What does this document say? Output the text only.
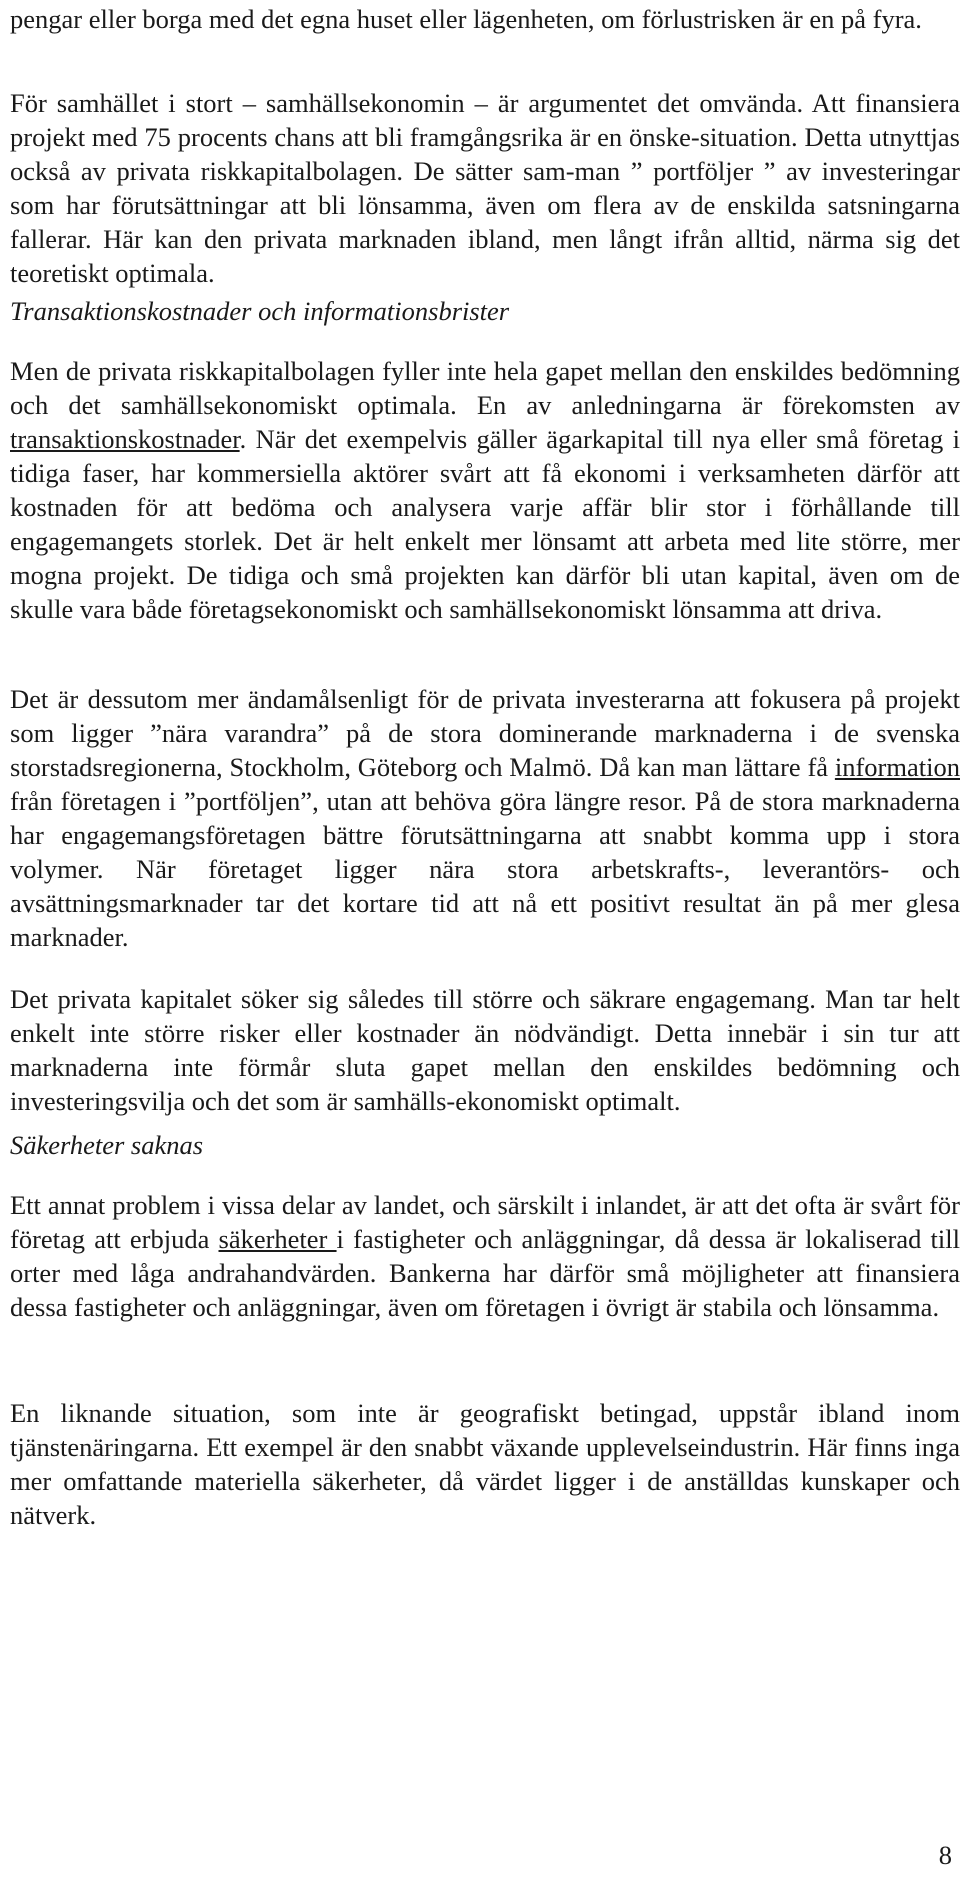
pengar eller borga med det egna huset eller lägenheten, om förlustrisken är en på fyra.

För samhället i stort – samhällsekonomin – är argumentet det omvända. Att finansiera projekt med 75 procents chans att bli framgångsrika är en önske-situation. Detta utnyttjas också av privata riskkapitalbolagen. De sätter sam-man ” portföljer ” av investeringar som har förutsättningar att bli lönsamma, även om flera av de enskilda satsningarna fallerar. Här kan den privata marknaden ibland, men långt ifrån alltid, närma sig det teoretiskt optimala.

Transaktionskostnader och informationsbrister

Men de privata riskkapitalbolagen fyller inte hela gapet mellan den enskildes bedömning och det samhällsekonomiskt optimala. En av anledningarna är förekomsten av transaktionskostnader. När det exempelvis gäller ägarkapital till nya eller små företag i tidiga faser, har kommersiella aktörer svårt att få ekonomi i verksamheten därför att kostnaden för att bedöma och analysera varje affär blir stor i förhållande till engagemangets storlek. Det är helt enkelt mer lönsamt att arbeta med lite större, mer mogna projekt. De tidiga och små projekten kan därför bli utan kapital, även om de skulle vara både företagsekonomiskt och samhällsekonomiskt lönsamma att driva.

Det är dessutom mer ändamålsenligt för de privata investerarna att fokusera på projekt som ligger ”nära varandra” på de stora dominerande marknaderna i de svenska storstadsregionerna, Stockholm, Göteborg och Malmö. Då kan man lättare få information från företagen i ”portföljen”, utan att behöva göra längre resor. På de stora marknaderna har engagemangsföretagen bättre förutsättningarna att snabbt komma upp i stora volymer. När företaget ligger nära stora arbetskrafts-, leverantörs- och avsättningsmarknader tar det kortare tid att nå ett positivt resultat än på mer glesa marknader.

Det privata kapitalet söker sig således till större och säkrare engagemang. Man tar helt enkelt inte större risker eller kostnader än nödvändigt. Detta innebär i sin tur att marknaderna inte förmår sluta gapet mellan den enskildes bedömning och investeringsvilja och det som är samhälls-ekonomiskt optimalt.

Säkerheter saknas

Ett annat problem i vissa delar av landet, och särskilt i inlandet, är att det ofta är svårt för företag att erbjuda säkerheter i fastigheter och anläggningar, då dessa är lokaliserad till orter med låga andrahandvärden. Bankerna har därför små möjligheter att finansiera dessa fastigheter och anläggningar, även om företagen i övrigt är stabila och lönsamma.

En liknande situation, som inte är geografiskt betingad, uppstår ibland inom tjänstenäringarna. Ett exempel är den snabbt växande upplevelseindustrin. Här finns inga mer omfattande materiella säkerheter, då värdet ligger i de anställdas kunskaper och nätverk.

8
